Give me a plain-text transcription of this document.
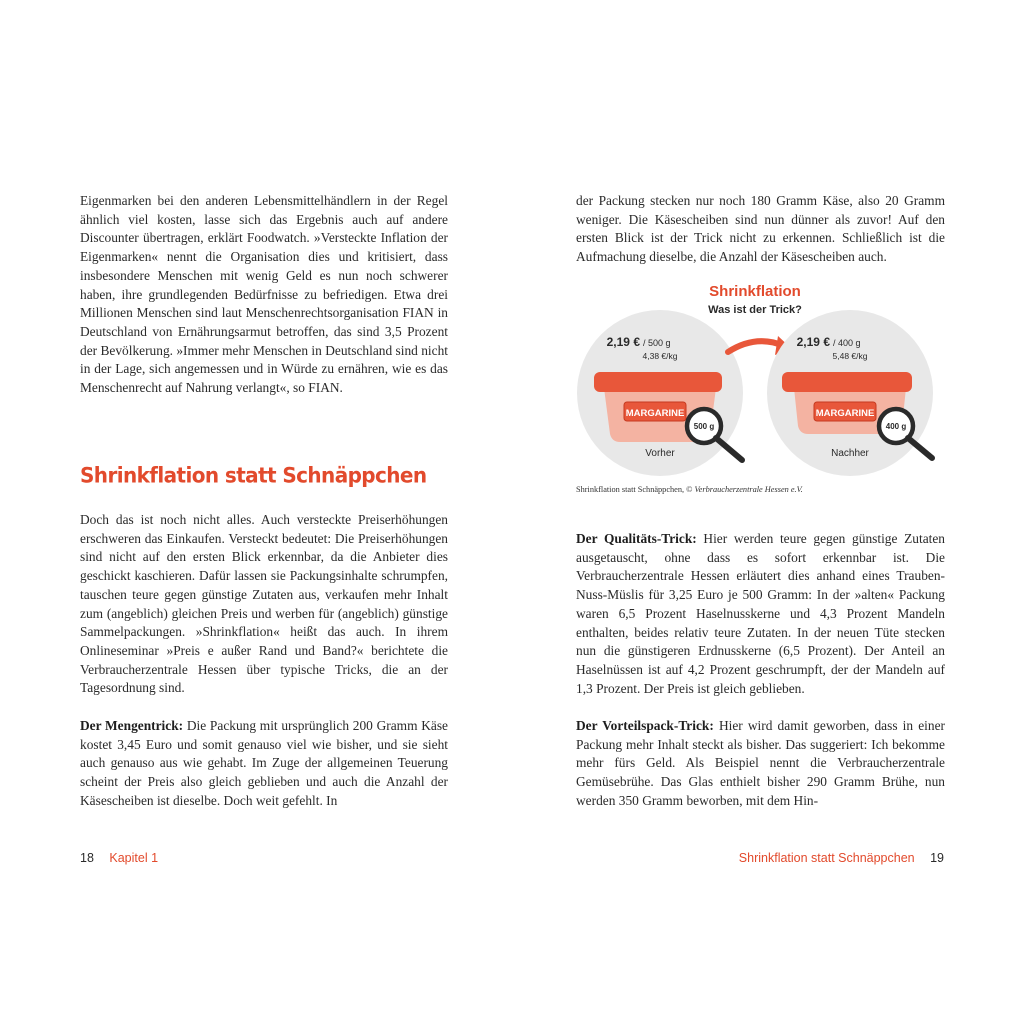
Eigenmarken bei den anderen Lebensmittelhändlern in der Regel ähnlich viel kosten, lasse sich das Ergebnis auch auf andere Discounter übertragen, erklärt Foodwatch. »Versteckte Inflation der Eigenmarken« nennt die Organisation dies und kritisiert, dass insbesondere Menschen mit wenig Geld es nun noch schwerer haben, ihre grundlegenden Bedürfnisse zu befriedigen. Etwa drei Millionen Menschen sind laut Menschenrechtsorganisation FIAN in Deutschland von Ernährungsarmut betroffen, das sind 3,5 Prozent der Bevölkerung. »Immer mehr Menschen in Deutschland sind nicht in der Lage, sich angemessen und in Würde zu ernähren, wie es das Menschenrecht auf Nahrung verlangt«, so FIAN.

Shrinkflation statt Schnäppchen

Doch das ist noch nicht alles. Auch versteckte Preiserhöhungen erschweren das Einkaufen. Versteckt bedeutet: Die Preiserhöhungen sind nicht auf den ersten Blick erkennbar, da die Anbieter dies geschickt kaschieren. Dafür lassen sie Packungsinhalte schrumpfen, tauschen teure gegen günstige Zutaten aus, verkaufen mehr Inhalt zum (angeblich) gleichen Preis und werben für (angeblich) günstige Sammelpackungen. »Shrinkflation« heißt das auch. In ihrem Onlineseminar »Preis e außer Rand und Band?« berichtete die Verbraucherzentrale Hessen über typische Tricks, die an der Tagesordnung sind.

Der Mengentrick: Die Packung mit ursprünglich 200 Gramm Käse kostet 3,45 Euro und somit genauso viel wie bisher, und sie sieht auch genauso aus wie gehabt. Im Zuge der allgemeinen Teuerung scheint der Preis also gleich geblieben und auch die Anzahl der Käsescheiben ist dieselbe. Doch weit gefehlt. In

18 Kapitel 1

der Packung stecken nur noch 180 Gramm Käse, also 20 Gramm weniger. Die Käsescheiben sind nun dünner als zuvor! Auf den ersten Blick ist der Trick nicht zu erkennen. Schließlich ist die Aufmachung dieselbe, die Anzahl der Käsescheiben auch.

Shrinkflation
Was ist der Trick?
2,19 € / 500 g
4,38 €/kg
MARGARINE
500 g
Vorher
2,19 € / 400 g
5,48 €/kg
MARGARINE
400 g
Nachher
Shrinkflation statt Schnäppchen, © Verbraucherzentrale Hessen e.V.

Der Qualitäts-Trick: Hier werden teure gegen günstige Zutaten ausgetauscht, ohne dass es sofort erkennbar ist. Die Verbraucherzentrale Hessen erläutert dies anhand eines Trauben-Nuss-Müslis für 3,25 Euro je 500 Gramm: In der »alten« Packung waren 6,5 Prozent Haselnusskerne und 4,3 Prozent Mandeln enthalten, beides relativ teure Zutaten. In der neuen Tüte stecken nun die günstigeren Erdnusskerne (6,5 Prozent). Der Anteil an Haselnüssen ist auf 4,2 Prozent geschrumpft, der der Mandeln auf 1,3 Prozent. Der Preis ist gleich geblieben.

Der Vorteilspack-Trick: Hier wird damit geworben, dass in einer Packung mehr Inhalt steckt als bisher. Das suggeriert: Ich bekomme mehr fürs Geld. Als Beispiel nennt die Verbraucherzentrale Gemüsebrühe. Das Glas enthielt bisher 290 Gramm Brühe, nun werden 350 Gramm beworben, mit dem Hin-

Shrinkflation statt Schnäppchen 19
